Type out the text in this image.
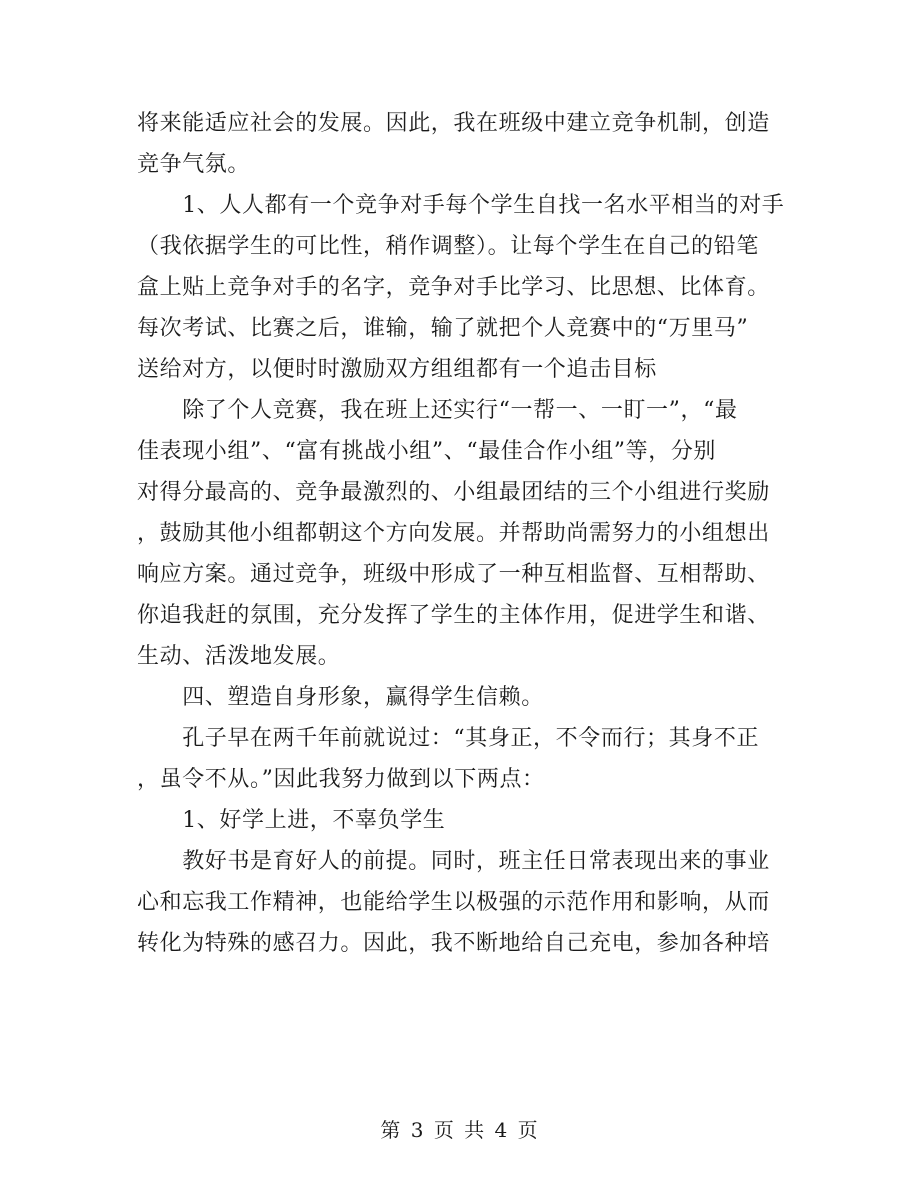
将来能适应社会的发展。因此，我在班级中建立竞争机制，创造
竞争气氛。
　　1、人人都有一个竞争对手每个学生自找一名水平相当的对手
（我依据学生的可比性，稍作调整）。让每个学生在自己的铅笔
盒上贴上竞争对手的名字，竞争对手比学习、比思想、比体育。
每次考试、比赛之后，谁输，输了就把个人竞赛中的“万里马”
送给对方，以便时时激励双方组组都有一个追击目标
　　除了个人竞赛，我在班上还实行“一帮一、一盯一”，“最
佳表现小组”、“富有挑战小组”、“最佳合作小组”等，分别
对得分最高的、竞争最激烈的、小组最团结的三个小组进行奖励
，鼓励其他小组都朝这个方向发展。并帮助尚需努力的小组想出
响应方案。通过竞争，班级中形成了一种互相监督、互相帮助、
你追我赶的氛围，充分发挥了学生的主体作用，促进学生和谐、
生动、活泼地发展。
　　四、塑造自身形象，赢得学生信赖。
　　孔子早在两千年前就说过：“其身正，不令而行；其身不正
，虽令不从。”因此我努力做到以下两点：
　　1、好学上进，不辜负学生
　　教好书是育好人的前提。同时，班主任日常表现出来的事业
心和忘我工作精神，也能给学生以极强的示范作用和影响，从而
转化为特殊的感召力。因此，我不断地给自己充电，参加各种培
第 3 页 共 4 页
